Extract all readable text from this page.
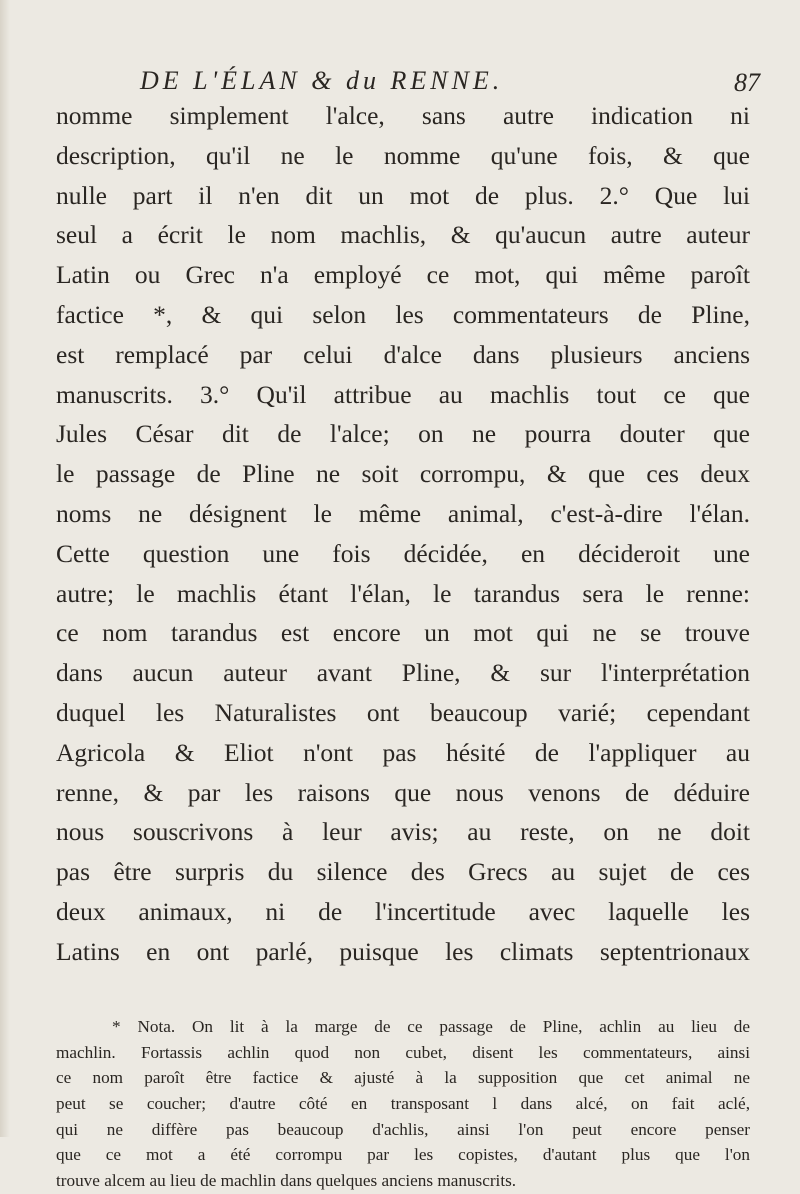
DE L'ÉLAN & du RENNE.	87
nomme simplement l'alce, sans autre indication ni
description, qu'il ne le nomme qu'une fois, & que
nulle part il n'en dit un mot de plus. 2.° Que lui
seul a écrit le nom machlis, & qu'aucun autre auteur
Latin ou Grec n'a employé ce mot, qui même paroît
factice *, & qui selon les commentateurs de Pline,
est remplacé par celui d'alce dans plusieurs anciens
manuscrits. 3.° Qu'il attribue au machlis tout ce que
Jules César dit de l'alce; on ne pourra douter que
le passage de Pline ne soit corrompu, & que ces deux
noms ne désignent le même animal, c'est-à-dire l'élan.
Cette question une fois décidée, en décideroit une
autre; le machlis étant l'élan, le tarandus sera le renne:
ce nom tarandus est encore un mot qui ne se trouve
dans aucun auteur avant Pline, & sur l'interprétation
duquel les Naturalistes ont beaucoup varié; cependant
Agricola & Eliot n'ont pas hésité de l'appliquer au
renne, & par les raisons que nous venons de déduire
nous souscrivons à leur avis; au reste, on ne doit
pas être surpris du silence des Grecs au sujet de ces
deux animaux, ni de l'incertitude avec laquelle les
Latins en ont parlé, puisque les climats septentrionaux
* Nota. On lit à la marge de ce passage de Pline, achlin au lieu de
machlin. Fortassis achlin quod non cubet, disent les commentateurs, ainsi
ce nom paroît être factice & ajusté à la supposition que cet animal ne
peut se coucher; d'autre côté en transposant l dans alcé, on fait aclé,
qui ne diffère pas beaucoup d'achlis, ainsi l'on peut encore penser
que ce mot a été corrompu par les copistes, d'autant plus que l'on
trouve alcem au lieu de machlin dans quelques anciens manuscrits.
